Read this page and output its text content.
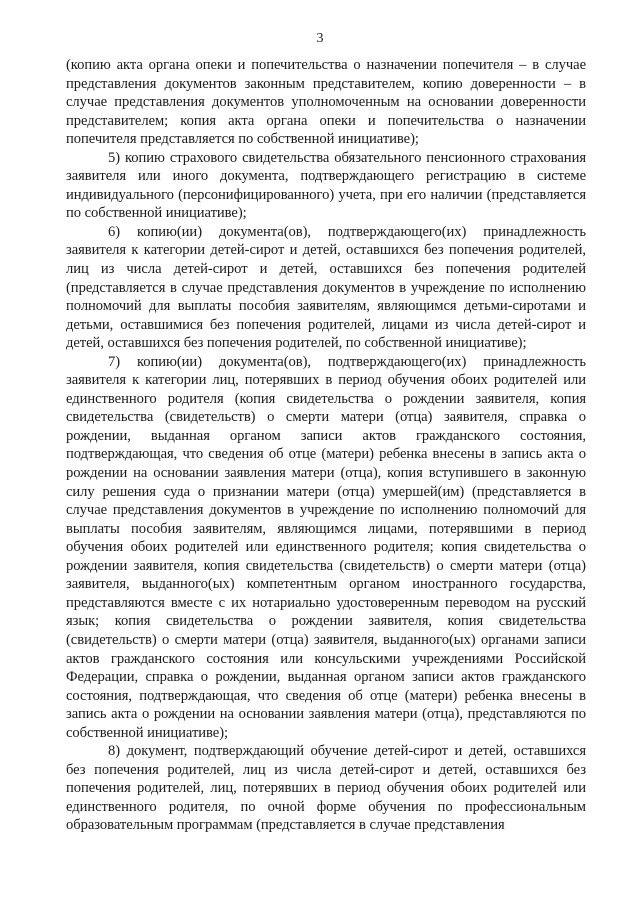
3

(копию акта органа опеки и попечительства о назначении попечителя – в случае представления документов законным представителем, копию доверенности – в случае представления документов уполномоченным на основании доверенности представителем; копия акта органа опеки и попечительства о назначении попечителя представляется по собственной инициативе);

5) копию страхового свидетельства обязательного пенсионного страхования заявителя или иного документа, подтверждающего регистрацию в системе индивидуального (персонифицированного) учета, при его наличии (представляется по собственной инициативе);

6) копию(ии) документа(ов), подтверждающего(их) принадлежность заявителя к категории детей-сирот и детей, оставшихся без попечения родителей, лиц из числа детей-сирот и детей, оставшихся без попечения родителей (представляется в случае представления документов в учреждение по исполнению полномочий для выплаты пособия заявителям, являющимся детьми-сиротами и детьми, оставшимися без попечения родителей, лицами из числа детей-сирот и детей, оставшихся без попечения родителей, по собственной инициативе);

7) копию(ии) документа(ов), подтверждающего(их) принадлежность заявителя к категории лиц, потерявших в период обучения обоих родителей или единственного родителя (копия свидетельства о рождении заявителя, копия свидетельства (свидетельств) о смерти матери (отца) заявителя, справка о рождении, выданная органом записи актов гражданского состояния, подтверждающая, что сведения об отце (матери) ребенка внесены в запись акта о рождении на основании заявления матери (отца), копия вступившего в законную силу решения суда о признании матери (отца) умершей(им) (представляется в случае представления документов в учреждение по исполнению полномочий для выплаты пособия заявителям, являющимся лицами, потерявшими в период обучения обоих родителей или единственного родителя; копия свидетельства о рождении заявителя, копия свидетельства (свидетельств) о смерти матери (отца) заявителя, выданного(ых) компетентным органом иностранного государства, представляются вместе с их нотариально удостоверенным переводом на русский язык; копия свидетельства о рождении заявителя, копия свидетельства (свидетельств) о смерти матери (отца) заявителя, выданного(ых) органами записи актов гражданского состояния или консульскими учреждениями Российской Федерации, справка о рождении, выданная органом записи актов гражданского состояния, подтверждающая, что сведения об отце (матери) ребенка внесены в запись акта о рождении на основании заявления матери (отца), представляются по собственной инициативе);

8) документ, подтверждающий обучение детей-сирот и детей, оставшихся без попечения родителей, лиц из числа детей-сирот и детей, оставшихся без попечения родителей, лиц, потерявших в период обучения обоих родителей или единственного родителя, по очной форме обучения по профессиональным образовательным программам (представляется в случае представления
